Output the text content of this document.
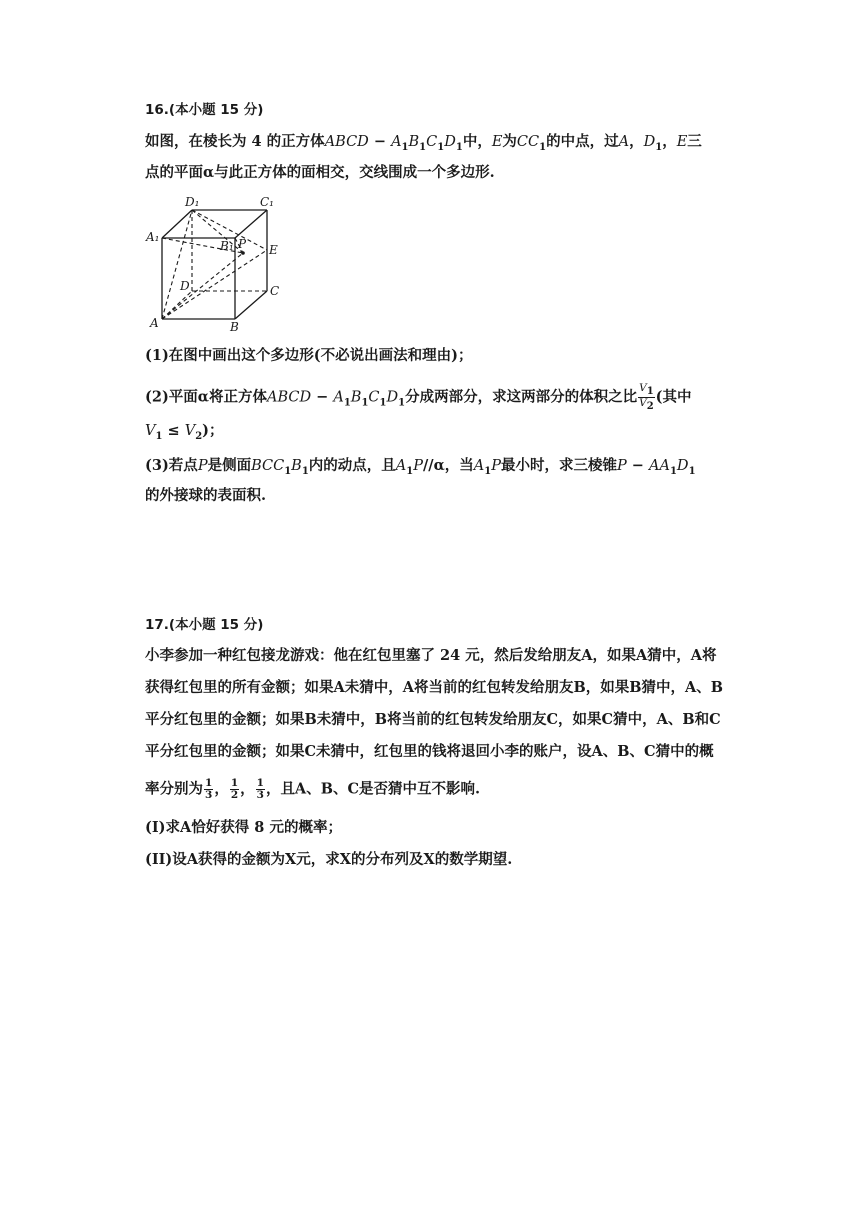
16.(本小题 15 分)
如图，在棱长为 4 的正方体ABCD − $A_1B_1C_1D_1$中，E为$CC_1$的中点，过A，$D_1$，E三
点的平面α与此正方体的面相交，交线围成一个多边形.
D₁	C₁
A₁
B₁ P E
D	C
A	B
(1)在图中画出这个多边形(不必说出画法和理由)；
(2)平面α将正方体ABCD − $A_1B_1C_1D_1$分成两部分，求这两部分的体积之比 $\frac{V_1}{V_2}$ (其中
$V_1 \le V_2$)；
(3)若点P是侧面$BCC_1B_1$内的动点，且$A_1P//\alpha$，当$A_1P$最小时，求三棱锥$P - AA_1D_1$
的外接球的表面积.
17.(本小题 15 分)
小李参加一种红包接龙游戏：他在红包里塞了 24 元，然后发给朋友A，如果A猜中，A将
获得红包里的所有金额；如果A未猜中，A将当前的红包转发给朋友B，如果B猜中，A、B
平分红包里的金额；如果B未猜中，B将当前的红包转发给朋友C，如果C猜中，A、B和C
平分红包里的金额；如果C未猜中，红包里的钱将退回小李的账户，设A、B、C猜中的概
率分别为 $\frac{1}{3}$ ， $\frac{1}{2}$ ， $\frac{1}{3}$ ，且A、B、C是否猜中互不影响.
(I)求A恰好获得 8 元的概率；
(II)设A获得的金额为X元，求X的分布列及X的数学期望.
